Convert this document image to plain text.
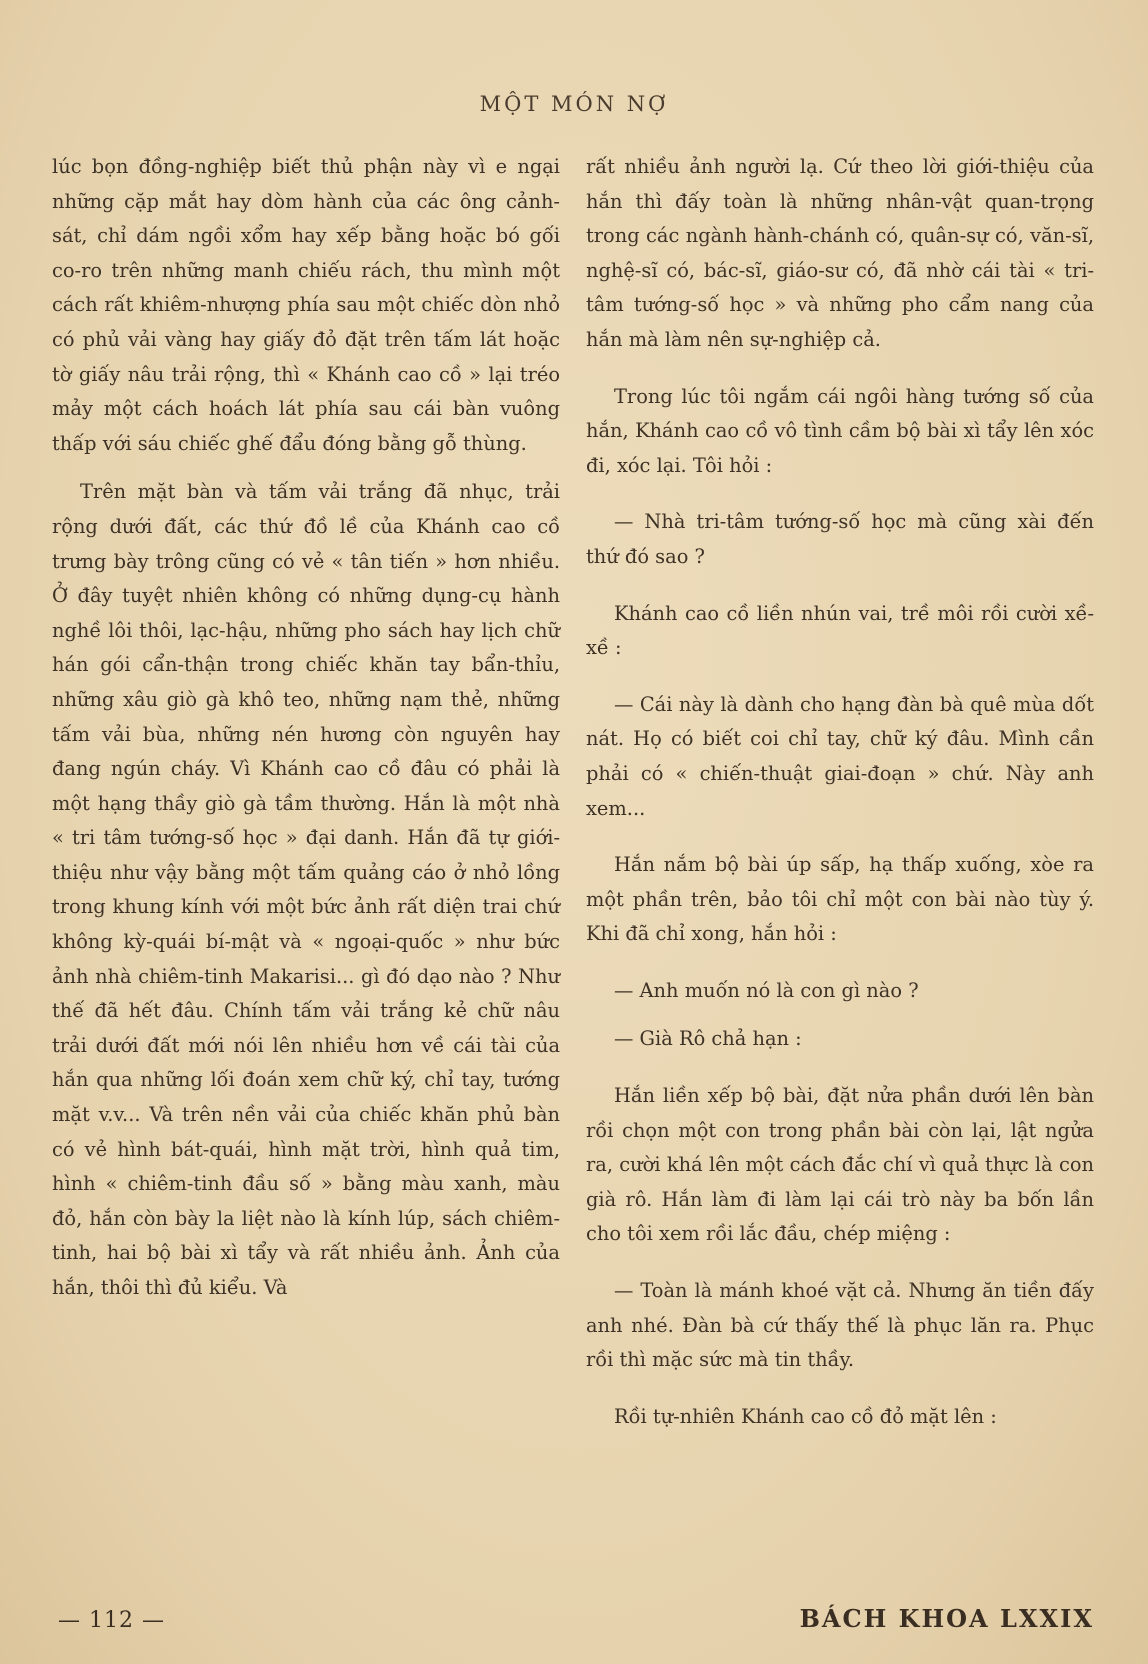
MỘT MÓN NỢ

lúc bọn đồng-nghiệp biết thủ phận này vì e ngại những cặp mắt hay dòm hành của các ông cảnh-sát, chỉ dám ngồi xổm hay xếp bằng hoặc bó gối co-ro trên những manh chiếu rách, thu mình một cách rất khiêm-nhượng phía sau một chiếc dòn nhỏ có phủ vải vàng hay giấy đỏ đặt trên tấm lát hoặc tờ giấy nâu trải rộng, thì « Khánh cao cồ » lại tréo mảy một cách hoách lát phía sau cái bàn vuông thấp với sáu chiếc ghế đẩu đóng bằng gỗ thùng.

Trên mặt bàn và tấm vải trắng đã nhục, trải rộng dưới đất, các thứ đồ lề của Khánh cao cồ trưng bày trông cũng có vẻ « tân tiến » hơn nhiều. Ở đây tuyệt nhiên không có những dụng-cụ hành nghề lôi thôi, lạc-hậu, những pho sách hay lịch chữ hán gói cẩn-thận trong chiếc khăn tay bẩn-thỉu, những xâu giò gà khô teo, những nạm thẻ, những tấm vải bùa, những nén hương còn nguyên hay đang ngún cháy. Vì Khánh cao cồ đâu có phải là một hạng thầy giò gà tầm thường. Hắn là một nhà « tri tâm tướng-số học » đại danh. Hắn đã tự giới-thiệu như vậy bằng một tấm quảng cáo ở nhỏ lồng trong khung kính với một bức ảnh rất diện trai chứ không kỳ-quái bí-mật và « ngoại-quốc » như bức ảnh nhà chiêm-tinh Makarisi... gì đó dạo nào ? Như thế đã hết đâu. Chính tấm vải trắng kẻ chữ nâu trải dưới đất mới nói lên nhiều hơn về cái tài của hắn qua những lối đoán xem chữ ký, chỉ tay, tướng mặt v.v... Và trên nền vải của chiếc khăn phủ bàn có vẻ hình bát-quái, hình mặt trời, hình quả tim, hình « chiêm-tinh đầu số » bằng màu xanh, màu đỏ, hắn còn bày la liệt nào là kính lúp, sách chiêm-tinh, hai bộ bài xì tẩy và rất nhiều ảnh. Ảnh của hắn, thôi thì đủ kiểu. Và

rất nhiều ảnh người lạ. Cứ theo lời giới-thiệu của hắn thì đấy toàn là những nhân-vật quan-trọng trong các ngành hành-chánh có, quân-sự có, văn-sĩ, nghệ-sĩ có, bác-sĩ, giáo-sư có, đã nhờ cái tài « tri-tâm tướng-số học » và những pho cẩm nang của hắn mà làm nên sự-nghiệp cả.

Trong lúc tôi ngắm cái ngôi hàng tướng số của hắn, Khánh cao cồ vô tình cầm bộ bài xì tẩy lên xóc đi, xóc lại. Tôi hỏi :

— Nhà tri-tâm tướng-số học mà cũng xài đến thứ đó sao ?

Khánh cao cồ liền nhún vai, trề môi rồi cười xề-xề :

— Cái này là dành cho hạng đàn bà quê mùa dốt nát. Họ có biết coi chỉ tay, chữ ký đâu. Mình cần phải có « chiến-thuật giai-đoạn » chứ. Này anh xem...

Hắn nắm bộ bài úp sấp, hạ thấp xuống, xòe ra một phần trên, bảo tôi chỉ một con bài nào tùy ý. Khi đã chỉ xong, hắn hỏi :

— Anh muốn nó là con gì nào ?

— Già Rô chả hạn :

Hắn liền xếp bộ bài, đặt nửa phần dưới lên bàn rồi chọn một con trong phần bài còn lại, lật ngửa ra, cười khá lên một cách đắc chí vì quả thực là con già rô. Hắn làm đi làm lại cái trò này ba bốn lần cho tôi xem rồi lắc đầu, chép miệng :

— Toàn là mánh khoé vặt cả. Nhưng ăn tiền đấy anh nhé. Đàn bà cứ thấy thế là phục lăn ra. Phục rồi thì mặc sức mà tin thầy.

Rồi tự-nhiên Khánh cao cồ đỏ mặt lên :

— 112 —	BÁCH KHOA LXXIX
